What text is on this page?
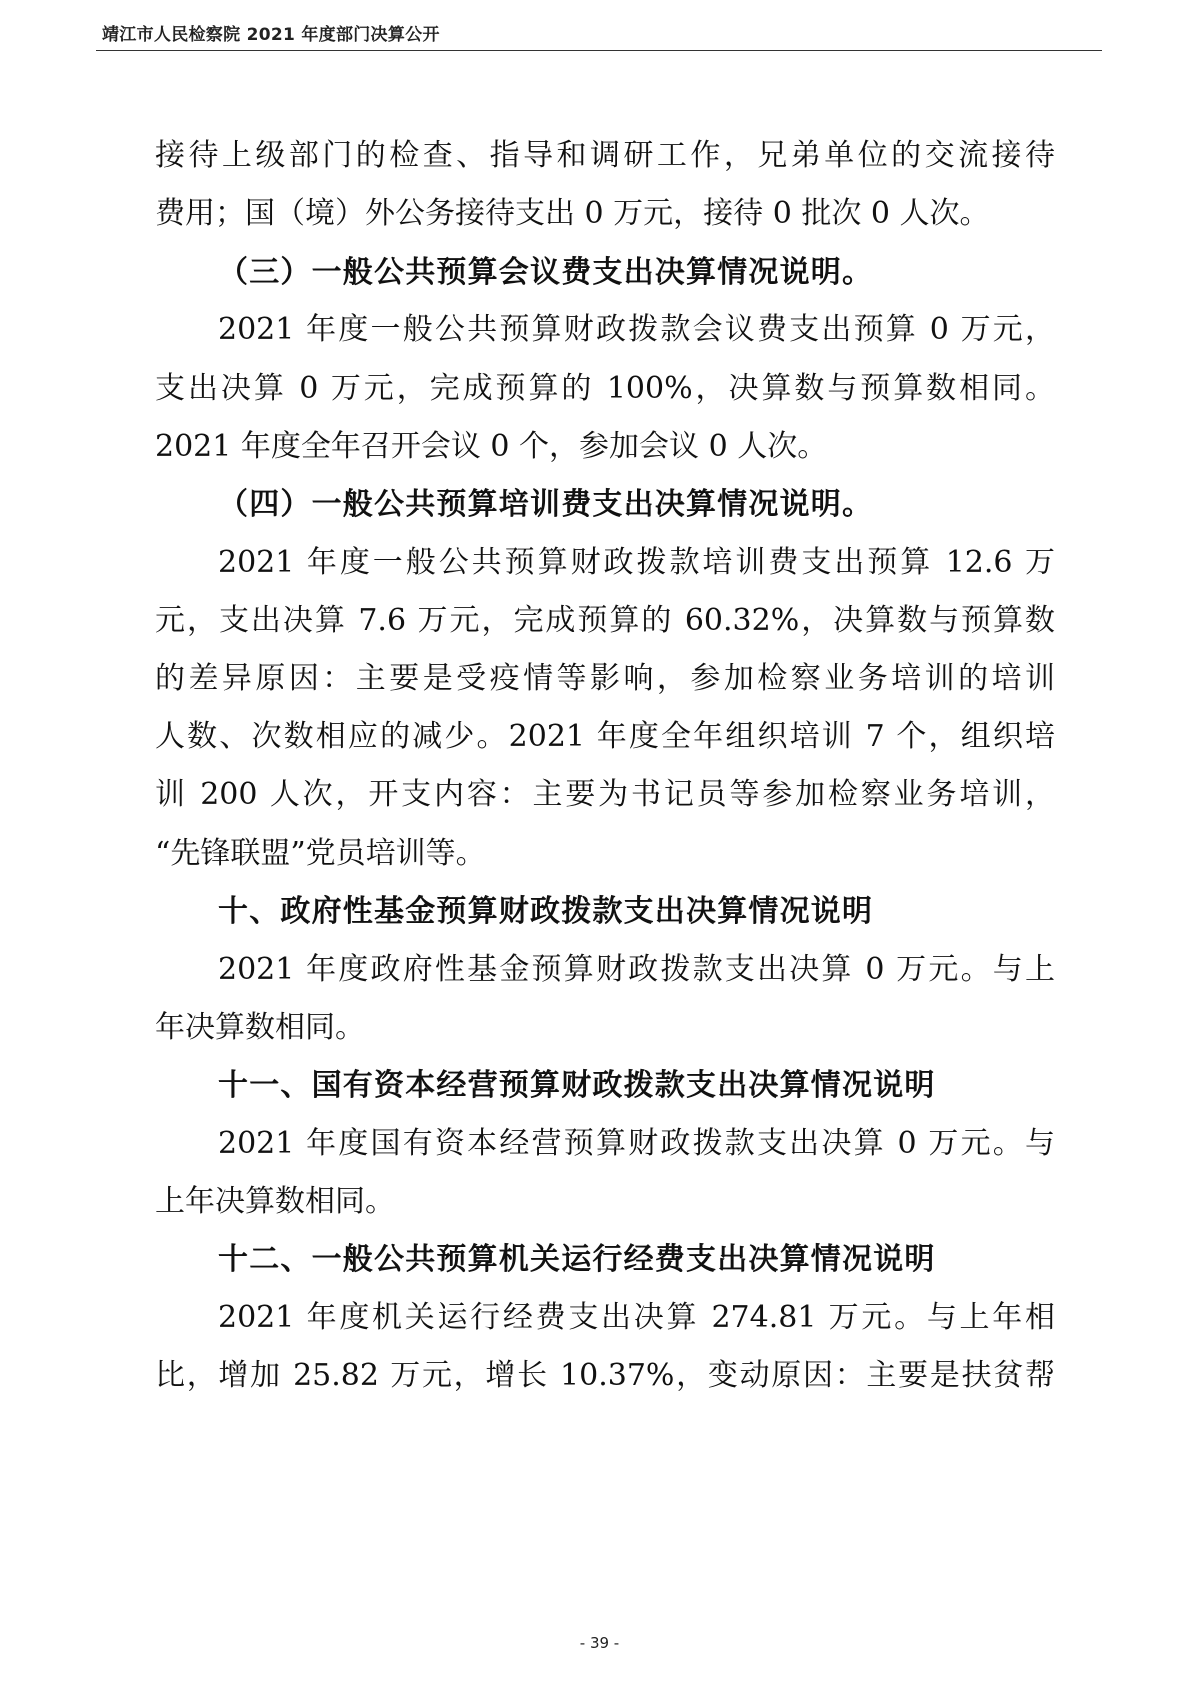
靖江市人民检察院 2021 年度部门决算公开
接待上级部门的检查、指导和调研工作，兄弟单位的交流接待
费用；国（境）外公务接待支出 0 万元，接待 0 批次 0 人次。
（三）一般公共预算会议费支出决算情况说明。
2021 年度一般公共预算财政拨款会议费支出预算 0 万元，
支出决算 0 万元，完成预算的 100%，决算数与预算数相同。
2021 年度全年召开会议 0 个，参加会议 0 人次。
（四）一般公共预算培训费支出决算情况说明。
2021 年度一般公共预算财政拨款培训费支出预算 12.6 万
元，支出决算 7.6 万元，完成预算的 60.32%，决算数与预算数
的差异原因：主要是受疫情等影响，参加检察业务培训的培训
人数、次数相应的减少。2021 年度全年组织培训 7 个，组织培
训 200 人次，开支内容：主要为书记员等参加检察业务培训，
“先锋联盟”党员培训等。
十、政府性基金预算财政拨款支出决算情况说明
2021 年度政府性基金预算财政拨款支出决算 0 万元。与上
年决算数相同。
十一、国有资本经营预算财政拨款支出决算情况说明
2021 年度国有资本经营预算财政拨款支出决算 0 万元。与
上年决算数相同。
十二、一般公共预算机关运行经费支出决算情况说明
2021 年度机关运行经费支出决算 274.81 万元。与上年相
比，增加 25.82 万元，增长 10.37%，变动原因：主要是扶贫帮
- 39 -
